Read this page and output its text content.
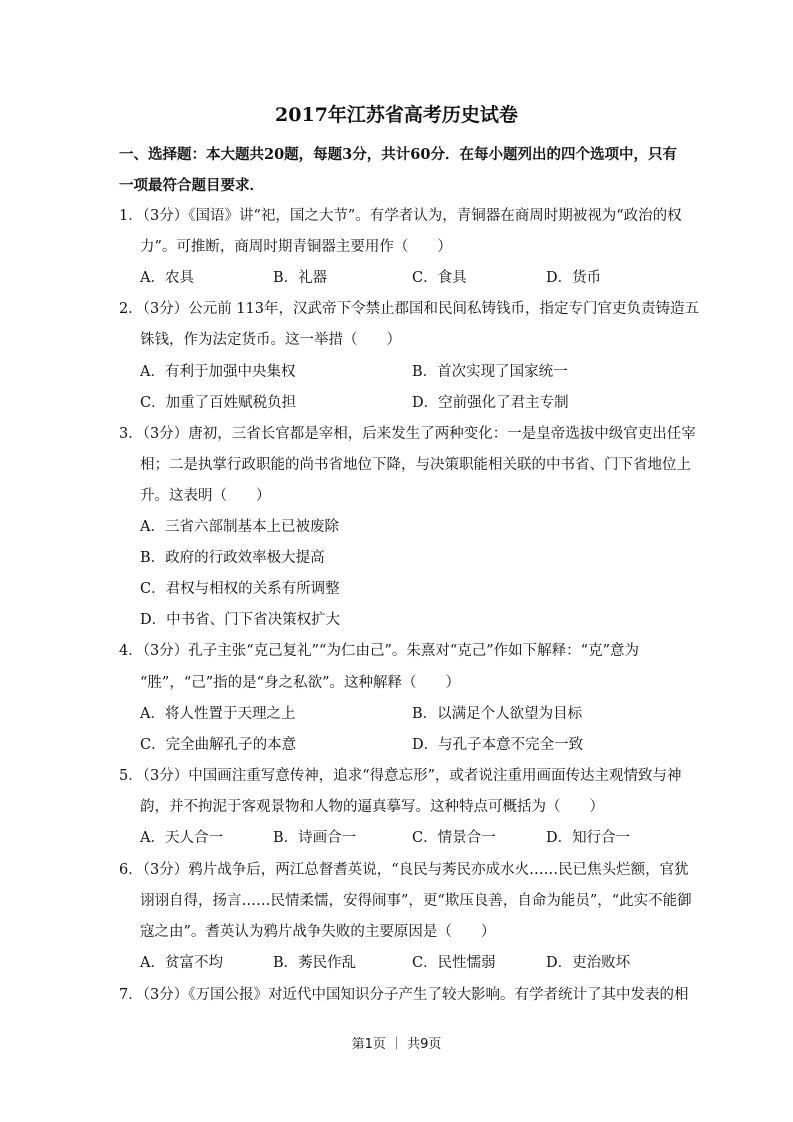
2017年江苏省高考历史试卷
一、选择题：本大题共20题，每题3分，共计60分．在每小题列出的四个选项中，只有
一项最符合题目要求．
1．（3分）《国语》讲“祀，国之大节”。有学者认为，青铜器在商周时期被视为“政治的权
力”。可推断，商周时期青铜器主要用作（　　）
A．农具	B．礼器	C．食具	D．货币
2．（3分）公元前 113年，汉武帝下令禁止郡国和民间私铸钱币，指定专门官吏负责铸造五
铢钱，作为法定货币。这一举措（　　）
A．有利于加强中央集权	B．首次实现了国家统一
C．加重了百姓赋税负担	D．空前强化了君主专制
3．（3分）唐初，三省长官都是宰相，后来发生了两种变化：一是皇帝选拔中级官吏出任宰
相；二是执掌行政职能的尚书省地位下降，与决策职能相关联的中书省、门下省地位上
升。这表明（　　）
A．三省六部制基本上已被废除
B．政府的行政效率极大提高
C．君权与相权的关系有所调整
D．中书省、门下省决策权扩大
4．（3分）孔子主张“克己复礼”“为仁由己”。朱熹对“克己”作如下解释：“克”意为
“胜”，“己”指的是“身之私欲”。这种解释（　　）
A．将人性置于天理之上	B．以满足个人欲望为目标
C．完全曲解孔子的本意	D．与孔子本意不完全一致
5．（3分）中国画注重写意传神，追求“得意忘形”，或者说注重用画面传达主观情致与神
韵，并不拘泥于客观景物和人物的逼真摹写。这种特点可概括为（　　）
A．天人合一	B．诗画合一	C．情景合一	D．知行合一
6．（3分）鸦片战争后，两江总督耆英说，“良民与莠民亦成水火……民已焦头烂额，官犹
诩诩自得，扬言……民情柔懦，安得闹事”，更“欺压良善，自命为能员”，“此实不能御
寇之由”。耆英认为鸦片战争失败的主要原因是（　　）
A．贫富不均	B．莠民作乱	C．民性懦弱	D．吏治败坏
7．（3分）《万国公报》对近代中国知识分子产生了较大影响。有学者统计了其中发表的相
第1页 ｜ 共9页
